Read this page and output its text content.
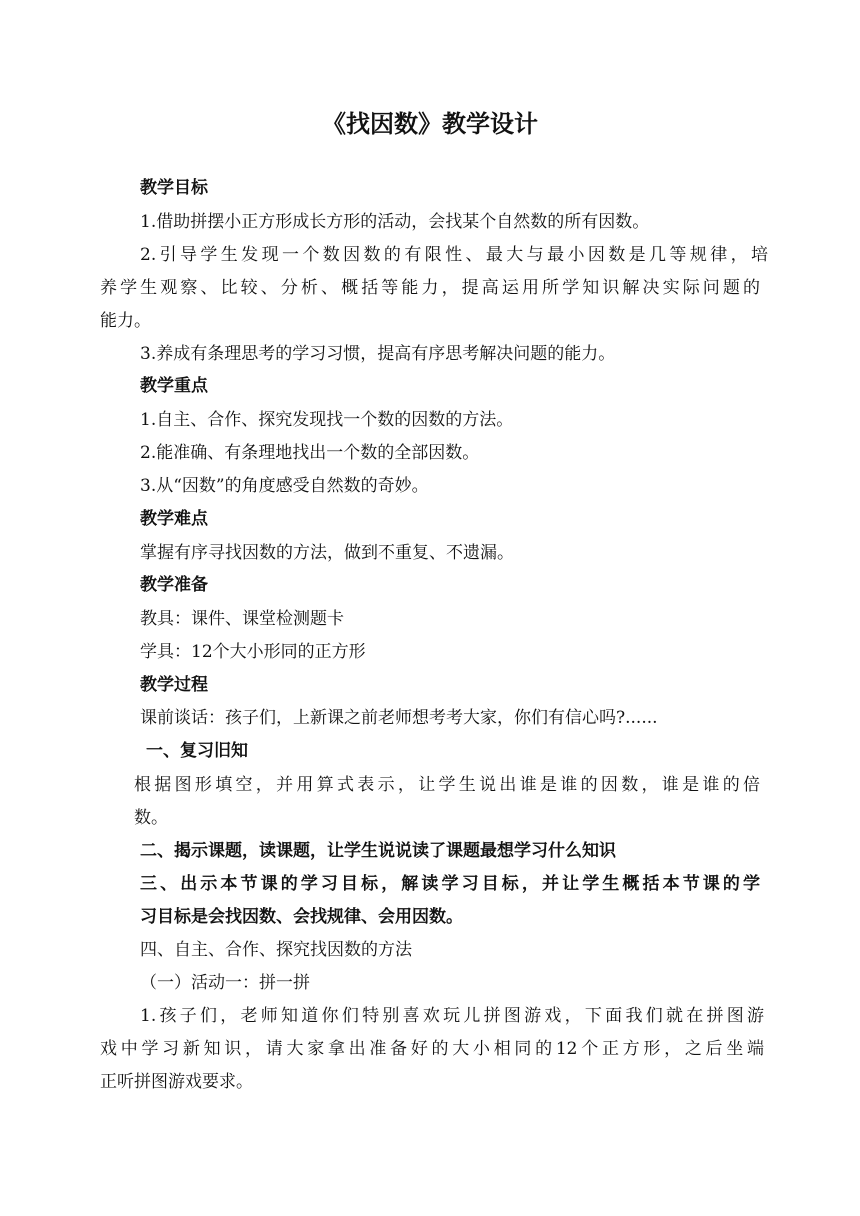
《找因数》教学设计
教学目标
1.借助拼摆小正方形成长方形的活动，会找某个自然数的所有因数。
2.引导学生发现一个数因数的有限性、最大与最小因数是几等规律，培
养学生观察、比较、分析、概括等能力，提高运用所学知识解决实际问题的
能力。
3.养成有条理思考的学习习惯，提高有序思考解决问题的能力。
教学重点
1.自主、合作、探究发现找一个数的因数的方法。
2.能准确、有条理地找出一个数的全部因数。
3.从“因数”的角度感受自然数的奇妙。
教学难点
掌握有序寻找因数的方法，做到不重复、不遗漏。
教学准备
教具：课件、课堂检测题卡
学具：12个大小形同的正方形
教学过程
课前谈话：孩子们，上新课之前老师想考考大家，你们有信心吗?......
一、复习旧知
根据图形填空，并用算式表示，让学生说出谁是谁的因数，谁是谁的倍
数。
二、揭示课题，读课题，让学生说说读了课题最想学习什么知识
三、出示本节课的学习目标，解读学习目标，并让学生概括本节课的学
习目标是会找因数、会找规律、会用因数。
四、自主、合作、探究找因数的方法
（一）活动一：拼一拼
1.孩子们，老师知道你们特别喜欢玩儿拼图游戏，下面我们就在拼图游
戏中学习新知识，请大家拿出准备好的大小相同的12个正方形，之后坐端
正听拼图游戏要求。
